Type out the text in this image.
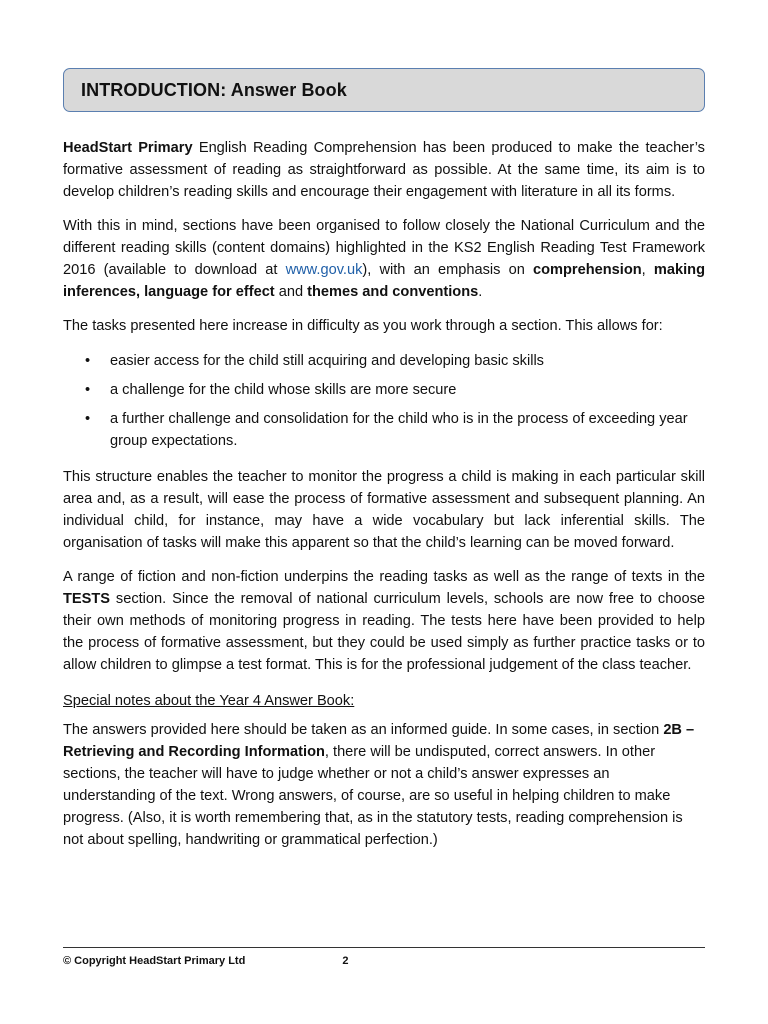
INTRODUCTION: Answer Book

HeadStart Primary English Reading Comprehension has been produced to make the teacher’s formative assessment of reading as straightforward as possible. At the same time, its aim is to develop children’s reading skills and encourage their engagement with literature in all its forms.

With this in mind, sections have been organised to follow closely the National Curriculum and the different reading skills (content domains) highlighted in the KS2 English Reading Test Framework 2016 (available to download at www.gov.uk), with an emphasis on comprehension, making inferences, language for effect and themes and conventions.

The tasks presented here increase in difficulty as you work through a section. This allows for:

• easier access for the child still acquiring and developing basic skills
• a challenge for the child whose skills are more secure
• a further challenge and consolidation for the child who is in the process of exceeding year group expectations.

This structure enables the teacher to monitor the progress a child is making in each particular skill area and, as a result, will ease the process of formative assessment and subsequent planning. An individual child, for instance, may have a wide vocabulary but lack inferential skills. The organisation of tasks will make this apparent so that the child’s learning can be moved forward.

A range of fiction and non-fiction underpins the reading tasks as well as the range of texts in the TESTS section. Since the removal of national curriculum levels, schools are now free to choose their own methods of monitoring progress in reading. The tests here have been provided to help the process of formative assessment, but they could be used simply as further practice tasks or to allow children to glimpse a test format. This is for the professional judgement of the class teacher.

Special notes about the Year 4 Answer Book:

The answers provided here should be taken as an informed guide. In some cases, in section 2B – Retrieving and Recording Information, there will be undisputed, correct answers. In other sections, the teacher will have to judge whether or not a child’s answer expresses an understanding of the text. Wrong answers, of course, are so useful in helping children to make progress. (Also, it is worth remembering that, as in the statutory tests, reading comprehension is not about spelling, handwriting or grammatical perfection.)

© Copyright HeadStart Primary Ltd	2
